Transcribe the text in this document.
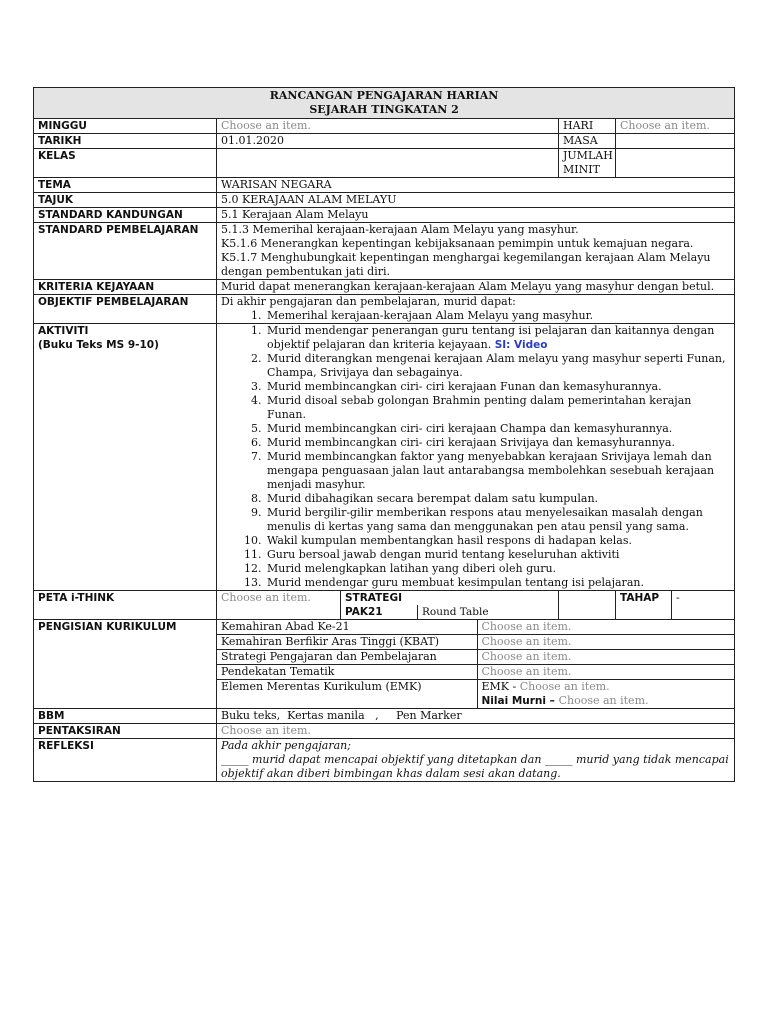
RANCANGAN PENGAJARAN HARIAN
SEJARAH TINGKATAN 2

MINGGU	Choose an item.	HARI	Choose an item.
TARIKH	01.01.2020	MASA	
KELAS		JUMLAH MINIT	
TEMA	WARISAN NEGARA
TAJUK	5.0 KERAJAAN ALAM MELAYU
STANDARD KANDUNGAN	5.1 Kerajaan Alam Melayu
STANDARD PEMBELAJARAN	5.1.3 Memerihal kerajaan-kerajaan Alam Melayu yang masyhur.
K5.1.6 Menerangkan kepentingan kebijaksanaan pemimpin untuk kemajuan negara.
K5.1.7 Menghubungkait kepentingan menghargai kegemilangan kerajaan Alam Melayu dengan pembentukan jati diri.

KRITERIA KEJAYAAN	Murid dapat menerangkan kerajaan-kerajaan Alam Melayu yang masyhur dengan betul.
OBJEKTIF PEMBELAJARAN	Di akhir pengajaran dan pembelajaran, murid dapat:
1. Memerihal kerajaan-kerajaan Alam Melayu yang masyhur.

AKTIVITI
(Buku Teks MS 9-10)

1. Murid mendengar penerangan guru tentang isi pelajaran dan kaitannya dengan objektif pelajaran dan kriteria kejayaan. SI: Video
2. Murid diterangkan mengenai kerajaan Alam melayu yang masyhur seperti Funan, Champa, Srivijaya dan sebagainya.
3. Murid membincangkan ciri- ciri kerajaan Funan dan kemasyhurannya.
4. Murid disoal sebab golongan Brahmin penting dalam pemerintahan kerajan Funan.
5. Murid membincangkan ciri- ciri kerajaan Champa dan kemasyhurannya.
6. Murid membincangkan ciri- ciri kerajaan Srivijaya dan kemasyhurannya.
7. Murid membincangkan faktor yang menyebabkan kerajaan Srivijaya lemah dan mengapa penguasaan jalan laut antarabangsa membolehkan sesebuah kerajaan menjadi masyhur.
8. Murid dibahagikan secara berempat dalam satu kumpulan.
9. Murid bergilir-gilir memberikan respons atau menyelesaikan masalah dengan menulis di kertas yang sama dan menggunakan pen atau pensil yang sama.
10. Wakil kumpulan membentangkan hasil respons di hadapan kelas.
11. Guru bersoal jawab dengan murid tentang keseluruhan aktiviti
12. Murid melengkapkan latihan yang diberi oleh guru.
13. Murid mendengar guru membuat kesimpulan tentang isi pelajaran.

PETA i-THINK	Choose an item.	STRATEGI PAK21	Round Table		TAHAP	-
PENGISIAN KURIKULUM		Kemahiran Abad Ke-21	Choose an item.
Kemahiran Berfikir Aras Tinggi (KBAT)	Choose an item.
Strategi Pengajaran dan Pembelajaran	Choose an item.
Pendekatan Tematik	Choose an item.
Elemen Merentas Kurikulum (EMK)	EMK - Choose an item.
Nilai Murni – Choose an item.

BBM	Buku teks,  Kertas manila   ,     Pen Marker
PENTAKSIRAN	Choose an item.
REFLEKSI	Pada akhir pengajaran;
_____ murid dapat mencapai objektif yang ditetapkan dan _____ murid yang tidak mencapai objektif akan diberi bimbingan khas dalam sesi akan datang.
